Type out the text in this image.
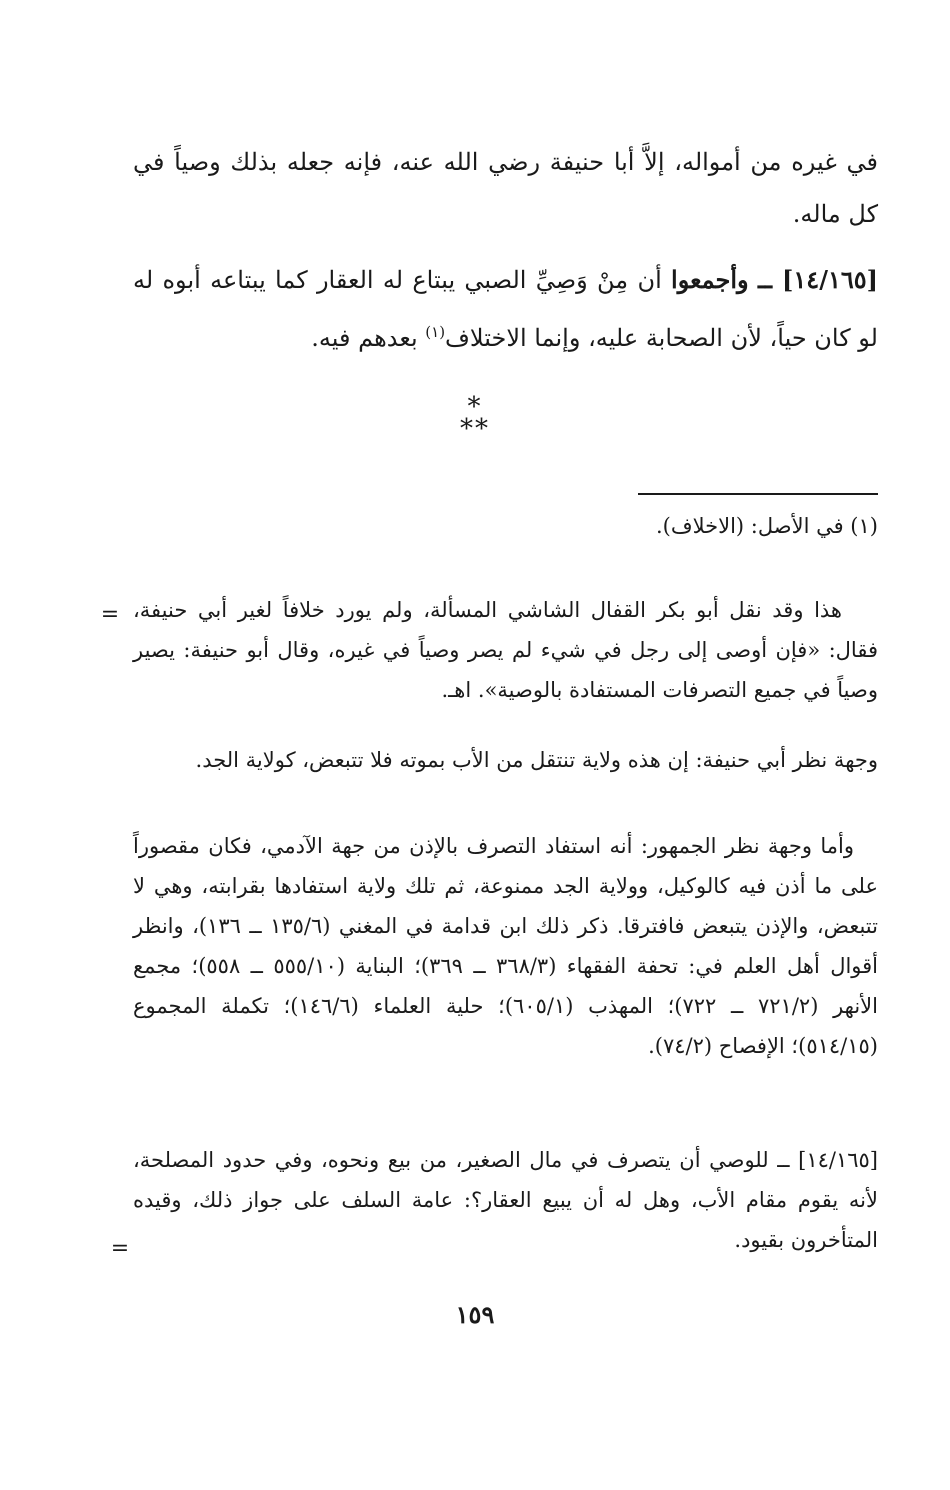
في غيره من أمواله، إلاَّ أبا حنيفة رضي الله عنه، فإنه جعله بذلك وصياً في كل ماله.

[١٤/١٦٥] ــ وأجمعوا أن مِنْ وَصِيِّ الصبي يبتاع له العقار كما يبتاعه أبوه له لو كان حياً، لأن الصحابة عليه، وإنما الاختلاف$^{(١)}$ بعدهم فيه.

*
**

(١) في الأصل: (الاخلاف).

= هذا وقد نقل أبو بكر القفال الشاشي المسألة، ولم يورد خلافاً لغير أبي حنيفة، فقال: «فإن أوصى إلى رجل في شيء لم يصر وصياً في غيره، وقال أبو حنيفة: يصير وصياً في جميع التصرفات المستفادة بالوصية». اهـ.

وجهة نظر أبي حنيفة: إن هذه ولاية تنتقل من الأب بموته فلا تتبعض، كولاية الجد.

وأما وجهة نظر الجمهور: أنه استفاد التصرف بالإذن من جهة الآدمي، فكان مقصوراً على ما أذن فيه كالوكيل، وولاية الجد ممنوعة، ثم تلك ولاية استفادها بقرابته، وهي لا تتبعض، والإذن يتبعض فافترقا. ذكر ذلك ابن قدامة في المغني (١٣٥/٦ ــ ١٣٦)، وانظر أقوال أهل العلم في: تحفة الفقهاء (٣٦٨/٣ ــ ٣٦٩)؛ البناية (٥٥٥/١٠ ــ ٥٥٨)؛ مجمع الأنهر (٧٢١/٢ ــ ٧٢٢)؛ المهذب (٦٠٥/١)؛ حلية العلماء (١٤٦/٦)؛ تكملة المجموع (٥١٤/١٥)؛ الإفصاح (٧٤/٢).

[١٤/١٦٥] ــ للوصي أن يتصرف في مال الصغير، من بيع ونحوه، وفي حدود المصلحة، لأنه يقوم مقام الأب، وهل له أن يبيع العقار؟: عامة السلف على جواز ذلك، وقيده المتأخرون بقيود.

=
١٥٩
